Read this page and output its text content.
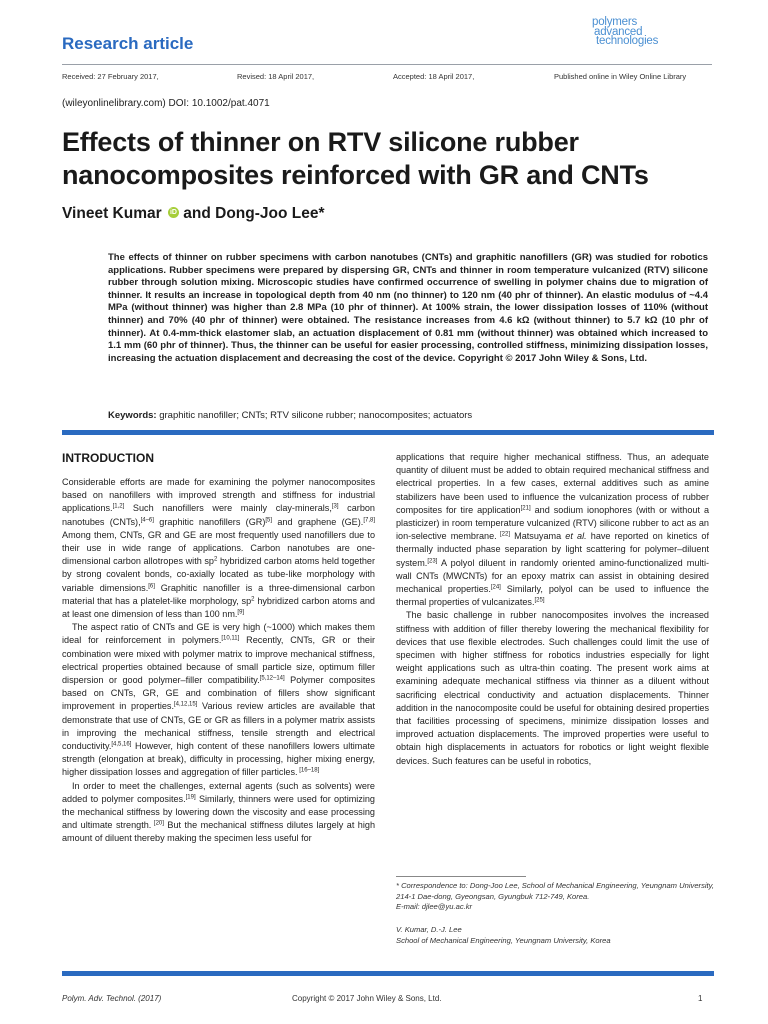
Research article
polymers
advanced
technologies
Received: 27 February 2017,	Revised: 18 April 2017,	Accepted: 18 April 2017,	Published online in Wiley Online Library
(wileyonlinelibrary.com) DOI: 10.1002/pat.4071
Effects of thinner on RTV silicone rubber
nanocomposites reinforced with GR and CNTs
Vineet Kumar iD and Dong-Joo Lee*
The effects of thinner on rubber specimens with carbon nanotubes (CNTs) and graphitic nanofillers (GR) was studied for robotics applications. Rubber specimens were prepared by dispersing GR, CNTs and thinner in room temperature vulcanized (RTV) silicone rubber through solution mixing. Microscopic studies have confirmed occurrence of swelling in polymer chains due to migration of thinner. It results an increase in topological depth from 40 nm (no thinner) to 120 nm (40 phr of thinner). An elastic modulus of ~4.4 MPa (without thinner) was higher than 2.8 MPa (10 phr of thinner). At 100% strain, the lower dissipation losses of 110% (without thinner) and 70% (40 phr of thinner) were obtained. The resistance increases from 4.6 kΩ (without thinner) to 5.7 kΩ (10 phr of thinner). At 0.4-mm-thick elastomer slab, an actuation displacement of 0.81 mm (without thinner) was obtained which increased to 1.1 mm (60 phr of thinner). Thus, the thinner can be useful for easier processing, controlled stiffness, minimizing dissipation losses, increasing the actuation displacement and decreasing the cost of the device. Copyright © 2017 John Wiley & Sons, Ltd.
Keywords: graphitic nanofiller; CNTs; RTV silicone rubber; nanocomposites; actuators
INTRODUCTION

Considerable efforts are made for examining the polymer nanocomposites based on nanofillers with improved strength and stiffness for industrial applications.[1,2] Such nanofillers were mainly clay-minerals,[3] carbon nanotubes (CNTs),[4–6] graphitic nanofillers (GR)[5] and graphene (GE).[7,8] Among them, CNTs, GR and GE are most frequently used nanofillers due to their use in wide range of applications. Carbon nanotubes are one-dimensional carbon allotropes with $sp^2$ hybridized carbon atoms held together by strong covalent bonds, co-axially located as tube-like morphology with variable dimensions.[6] Graphitic nanofiller is a three-dimensional carbon material that has a platelet-like morphology, $sp^2$ hybridized carbon atoms and at least one dimension of less than 100 nm.[9]

The aspect ratio of CNTs and GE is very high (~1000) which makes them ideal for reinforcement in polymers.[10,11] Recently, CNTs, GR or their combination were mixed with polymer matrix to improve mechanical stiffness, electrical properties obtained because of small particle size, optimum filler dispersion or good polymer–filler compatibility.[5,12–14] Polymer composites based on CNTs, GR, GE and combination of fillers show significant improvement in properties.[4,12,15] Various review articles are available that demonstrate that use of CNTs, GE or GR as fillers in a polymer matrix assists in improving the mechanical stiffness, tensile strength and electrical conductivity.[4,5,16] However, high content of these nanofillers lowers ultimate strength (elongation at break), difficulty in processing, higher mixing energy, higher dissipation losses and aggregation of filler particles. [16–18]

In order to meet the challenges, external agents (such as solvents) were added to polymer composites.[19] Similarly, thinners were used for optimizing the mechanical stiffness by lowering down the viscosity and ease processing and ultimate strength. [20] But the mechanical stiffness dilutes largely at high amount of diluent thereby making the specimen less useful for

applications that require higher mechanical stiffness. Thus, an adequate quantity of diluent must be added to obtain required mechanical stiffness and electrical properties. In a few cases, external additives such as amine stabilizers have been used to influence the vulcanization process of rubber composites for tire application[21] and sodium ionophores (with or without a plasticizer) in room temperature vulcanized (RTV) silicone rubber to act as an ion-selective membrane. [22] Matsuyama et al. have reported on kinetics of thermally inducted phase separation by light scattering for polymer–diluent system.[23] A polyol diluent in randomly oriented amino-functionalized multi-wall CNTs (MWCNTs) for an epoxy matrix can assist in obtaining desired mechanical properties.[24] Similarly, polyol can be used to influence the thermal properties of vulcanizates.[25]

The basic challenge in rubber nanocomposites involves the increased stiffness with addition of filler thereby lowering the mechanical flexibility for devices that use flexible electrodes. Such challenges could limit the use of specimen with higher stiffness for robotics industries especially for light weight applications such as ultra-thin coating. The present work aims at examining adequate mechanical stiffness via thinner as a diluent without sacrificing electrical conductivity and actuation displacements. Thinner addition in the nanocomposite could be useful for obtaining desired properties that facilities processing of specimens, minimize dissipation losses and improved actuation displacements. The improved properties were useful to obtain high displacements in actuators for robotics or light weight flexible devices. Such features can be useful in robotics,

* Correspondence to: Dong-Joo Lee, School of Mechanical Engineering, Yeungnam University, 214-1 Dae-dong, Gyeongsan, Gyungbuk 712-749, Korea.
E-mail: djlee@yu.ac.kr
V. Kumar, D.-J. Lee
School of Mechanical Engineering, Yeungnam University, Korea
Polym. Adv. Technol. (2017)	Copyright © 2017 John Wiley & Sons, Ltd.	1
